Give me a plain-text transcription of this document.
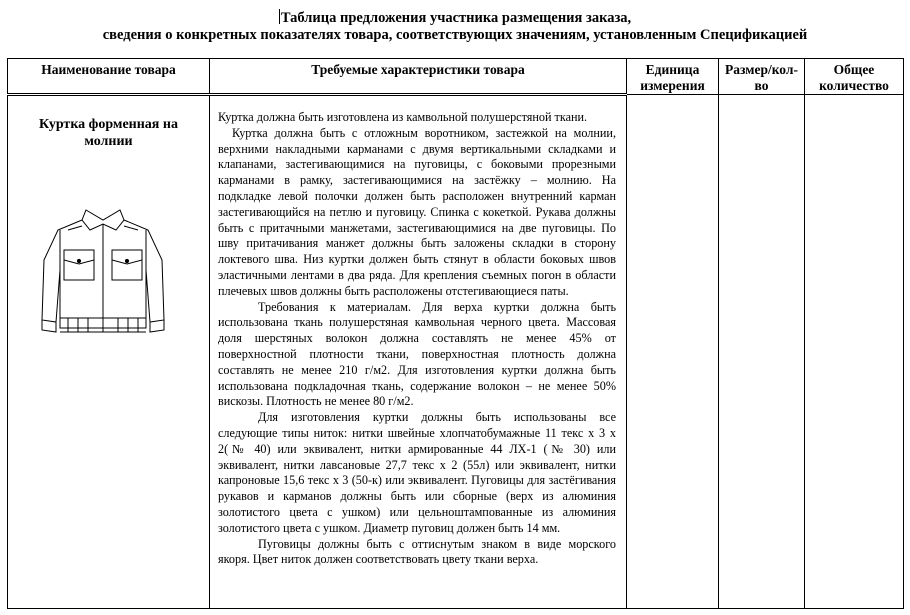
Таблица предложения участника размещения заказа,
сведения о конкретных показателях товара, соответствующих значениям, установленным Спецификацией
Наименование товара	Требуемые характеристики товара	Единица измерения	Размер/кол-во	Общее количество

Куртка форменная на молнии	Куртка должна быть изготовлена из камвольной полушерстяной ткани.

Куртка должна быть с отложным воротником, застежкой на молнии, верхними накладными карманами с двумя вертикальными складками и клапанами, застегивающимися на пуговицы, с боковыми прорезными карманами в рамку, застегивающимися на застёжку – молнию. На подкладке левой полочки должен быть расположен внутренний карман застегивающийся на петлю и пуговицу. Спинка с кокеткой. Рукава должны быть с притачными манжетами, застегивающимися на две пуговицы. По шву притачивания манжет должны быть заложены складки в сторону локтевого шва. Низ куртки должен быть стянут в области боковых швов эластичными лентами в два ряда. Для крепления съемных погон в области плечевых швов должны быть расположены отстегивающиеся паты.

Требования к материалам. Для верха куртки должна быть использована ткань полушерстяная камвольная черного цвета. Массовая доля шерстяных волокон должна составлять не менее 45% от поверхностной плотности ткани, поверхностная плотность должна составлять не менее 210 г/м2. Для изготовления куртки должна быть использована подкладочная ткань, содержание волокон – не менее 50% вискозы. Плотность не менее 80 г/м2.

Для изготовления куртки должны быть использованы все следующие типы ниток: нитки швейные хлопчатобумажные 11 текс х 3 х 2(№ 40) или эквивалент, нитки армированные 44 ЛХ-1 (№ 30) или эквивалент, нитки лавсановые 27,7 текс х 2 (55л) или эквивалент, нитки капроновые 15,6 текс х 3 (50-к) или эквивалент. Пуговицы для застёгивания рукавов и карманов должны быть или сборные (верх из алюминия золотистого цвета с ушком) или цельноштампованные из алюминия золотистого цвета с ушком. Диаметр пуговиц должен быть 14 мм.

Пуговицы должны быть с оттиснутым знаком в виде морского якоря. Цвет ниток должен соответствовать цвету ткани верха.			
